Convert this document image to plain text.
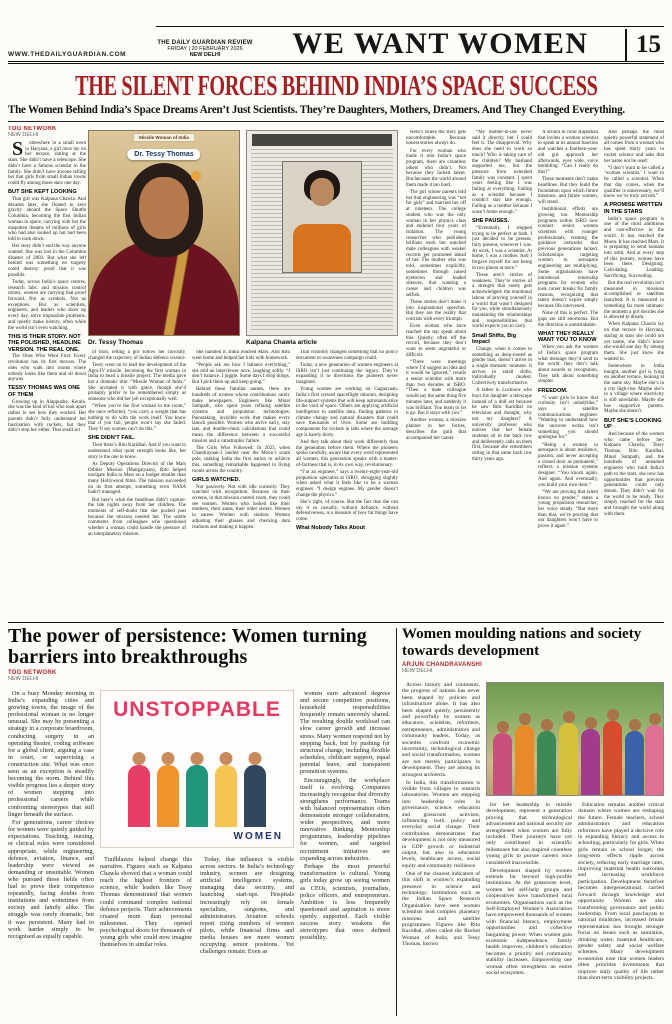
WWW.THEDAILYGUARDIAN.COM
THE DAILY GUARDIAN REVIEW
FRIDAY | 20 FEBRUARY 2026
NEW DELHI	WE WANT WOMEN	15
THE SILENT FORCES BEHIND INDIA’S SPACE SUCCESS
The Women Behind India’s Space Dreams Aren’t Just Scientists. They’re Daughters, Mothers, Dreamers. And They Changed Everything.
TDG NETWORK
NEW DELHI
Somewhere in a small town in Haryana, a girl once lay on her terrace, staring at the stars. She didn’t have a telescope. She didn’t have a famous scientist in the family. She didn’t have anyone telling her that girls from small Indian towns could fly among those stars one day.
BUT SHE KEPT LOOKING
That girl was Kalpana Chawla. And decades later, she floated in zero gravity aboard the Space Shuttle Columbia, becoming the first Indian woman in space, carrying with her the unspoken dreams of millions of girls who had also looked up but had been told to look down.
Her story didn’t end the way anyone wanted. She was lost in the Columbia disaster of 2003. But what she left behind was something no tragedy could destroy: proof that it was possible.
Today, across India’s space centres, research labs, and mission control rooms, women are carrying that proof forward. Not as symbols. Not as exceptions. But as scientists, engineers, and leaders who show up every day, solve impossible problems, and quietly make history, often while the world isn’t even watching.
THIS IS THEIR STORY. NOT THE POLISHED, HEADLINE VERSION. THE REAL ONE.
The Ones Who Went First: Every revolution has its first movers. The ones who walk into rooms where nobody looks like them and sit down anyway.
TESSY THOMAS WAS ONE OF THEM
Growing up in Alappuzha, Kerala, she was the kind of kid who took apart radios to see how they worked. Her parents didn’t fully understand her fascination with rockets, but they didn’t stop her either. That small act
Missile Woman of India
Dr. Tessy Thomas
Dr. Tessy Thomas	Kalpana Chawla article
of trust, letting a girl follow her curiosity, changed the trajectory of Indian defence science.
Tessy went on to lead the development of the Agni-IV missile, becoming the first woman in India to head a missile project. The media gave her a dramatic title: “Missile Woman of India.” She accepted it with grace, though she’d probably prefer to be remembered simply as someone who did her job exceptionally well.
“When you’re the first woman in the room,” she once reflected, “you carry a weight that has nothing to do with the work itself. You know that if you fail, people won’t say she failed. They’ll say women can’t do this.”
SHE DIDN’T FAIL.
Then there’s Ritu Karidhal. And if you want to understand what quiet strength looks like, her story is the one to know.
As Deputy Operations Director of the Mars Orbiter Mission (Mangalyaan), Ritu helped navigate India to Mars on a budget smaller than many Hollywood films. The mission succeeded on its first attempt, something even NASA hadn’t managed.
But here’s what the headlines didn’t capture: the late nights away from her children. The moments of self-doubt that she pushed past because the mission needed her. The subtle comments from colleagues who questioned whether a woman could handle the pressure of an interplanetary mission.
She handled it. India reached Mars. And Ritu went home and helped her kids with homework.
“People ask me how I balance everything,” she told an interviewer once, laughing softly. “I don’t balance. I juggle. Some days I drop things. But I pick them up and keep going.”
Behind these familiar names, there are hundreds of women whose contributions rarely make newspapers. Engineers like Minal Sampath, who spent years refining satellite systems and propulsion technologies. Painstaking, invisible work that makes every launch possible. Women who arrive early, stay late, and double-check calculations that could mean the difference between a successful mission and a catastrophic failure.
The Girls Who Followed: In 2023, when Chandrayaan-3 landed near the Moon’s south pole, making India the first nation to achieve this, something remarkable happened in living rooms across the country.
GIRLS WATCHED.
Not passively. Not with idle curiosity. They watched with recognition. Because on their screens, in that mission control room, they could see women. Women who looked like their mothers, their aunts, their older sisters. Women in sarees. Women with sindoor. Women adjusting their glasses and checking data readouts and making it happen.
That visibility changed something that no policy document or awareness campaign could.
Today, a new generation of women engineers at ISRO isn’t just continuing the legacy. They’re expanding it to directions the pioneers never imagined.
Young women are working on Gaganyaan, India’s first crewed spaceflight mission, designing life-support systems that will keep astronauts alive in the void of space. Others are applying artificial intelligence to satellite data, finding patterns in climate change and natural disasters that could save thousands of lives. Some are building components for rockets in labs where the average age is barely thirty.
And they talk about their work differently than the generation before them. Where the pioneers spoke carefully, aware that every word represented all women, this generation speaks with a matter-of-factness that is, in its own way, revolutionary.
“I’m an engineer,” says a twenty-eight-year-old propulsion specialist at ISRO, shrugging slightly when asked what it feels like to be a woman engineer. “I design engines. My gender doesn’t change the physics.”
She’s right, of course. But the fact that she can say it so casually, without defiance, without defensiveness, is a measure of how far things have come.
What Nobody Talks About
Here’s where the story gets uncomfortable. Because honest stories always do.
For every woman who made it into India’s space program, there are countless others who didn’t. Not because they lacked talent. But because the world around them made it too hard.
The girl whose parents told her that engineering was “not for girls” and married her off at nineteen. The college student who was the only woman in her physics class and endured four years of isolation. The young researcher who published brilliant work but watched male colleagues with weaker records get promoted ahead of her. The mother who was told, sometimes explicitly, sometimes through raised eyebrows and loaded silences, that wanting a career and children was selfish.
These stories don’t make it into inspirational speeches. But they are the reality that coexists with every triumph.
Even women who have reached the top speak about this. Quietly, often off the record, because they don’t want to seem ungrateful or difficult.
“There were meetings where I’d suggest an idea and it would be ignored,” recalls a senior scientist with more than two decades at ISRO. “Then a male colleague would say the same thing five minutes later, and suddenly it was brilliant. You learn to let it go. But it stays with you.”
Another woman, a mission planner in her forties, describes the guilt that accompanied her career.
“My mother-in-law never said it directly, but I could feel it. The disapproval. Why does she need to work so much? Who is taking care of the children? My husband supported me, but the pressure from extended family was constant. I spent years feeling like I was failing at everything. Failing as a scientist because I couldn’t stay late enough. Failing as a mother because I wasn’t home enough.”
SHE PAUSES.
“Eventually, I stopped trying to be perfect at both. I just decided to be present, fully present, wherever I was. At work, I was a scientist. At home, I was a mother. And I forgave myself for not being in two places at once.”
These aren’t stories of weakness. They’re stories of a strength that rarely gets acknowledged: the emotional labour of proving yourself in a world that wasn’t designed for you, while simultaneously maintaining the relationships and responsibilities that world expects you to carry.
Small Shifts, Big Impact
Change, when it comes to something as deep-rooted as gender bias, doesn’t arrive in a single dramatic moment. It arrives in small shifts, individually modest. Collectively transformative.
A father in Lucknow who buys his daughter a telescope instead of a doll set because he saw Ritu Karidhal on television and thought, why not my daughter? A university professor who notices that her female students sit in the back row and deliberately calls on them first, because she remembers sitting in that same back row thirty years ago.
A school in rural Rajasthan that invites a woman scientist to speak at its annual function and watches a fourteen-year-old girl approach her afterwards, eyes wide, voice trembling: “Can I really do this?”
These moments don’t make headlines. But they build the foundation upon which future missions, and future women, will stand.
Institutional efforts are growing too. Mentorship programs within ISRO now connect senior women scientists with younger professionals, creating the guidance networks that previous generations lacked. Scholarships targeting women in aerospace engineering are multiplying. Some organisations have introduced returnship programs for women who took career breaks for family reasons, recognizing that talent doesn’t expire simply because life intervened.
None of this is perfect. The gaps are still enormous. But the direction is unmistakable.
WHAT THEY REALLY WANT YOU TO KNOW
When you ask the women of India’s space program what message they’d send to the world, they don’t talk about awards or recognition. They talk about something simpler.
FREEDOM.
“I want girls to know that curiosity isn’t unladylike,” says a satellite communications engineer. “Wanting to understand how the universe works isn’t something you should apologise for.”
“Being a woman in aerospace is about resilience, passion, and never accepting a closed door as permanent,” reflects a mission systems designer. “You knock again. And again. And eventually, you build your own door.”
“We are proving that talent knows no gender,” states a young propulsion researcher, her voice steady. “But more than that, we’re proving that our daughters won’t have to prove it again.”
And perhaps the most quietly powerful statement of all comes from a woman who has spent thirty years in rocket science and asks that her name not be used:
“I don’t want to be called a ‘woman scientist.’ I want to be called a scientist. When that day comes, when the qualifier is unnecessary, we’ll know we’ve truly arrived.”
A PROMISE WRITTEN IN THE STARS
India’s space program is one of the most ambitious and cost-effective in the world. It has reached the Moon. It has reached Mars. It is preparing to send humans into orbit. And at every step of this journey, women have been there. Designing. Calculating. Leading. Sacrificing. Succeeding.
But the real revolution isn’t measured in missions accomplished or satellites launched. It is measured in something far more intimate: the moment a girl decides she is allowed to dream.
When Kalpana Chawla lay on that terrace in Haryana, staring at stars she could not yet name, she didn’t know she would one day fly among them. She just knew she wanted to.
Somewhere in India tonight, another girl is lying on another terrace, looking at the same sky. Maybe she’s in a city high-rise. Maybe she’s in a village where electricity is still unreliable. Maybe she has supportive parents. Maybe she doesn’t.
BUT SHE’S LOOKING UP
And because of the women who came before her, Kalpana Chawla, Tessy Thomas, Ritu Karidhal, Minal Sampath, and the hundreds of unnamed engineers who built India’s path to the stars, she now has opportunities that previous generations could only dream. They didn’t wait for the world to be ready. They simply reached for the stars and brought the world along with them.
The power of persistence: Women turning barriers into breakthroughs
TDG NETWORK
NEW DELHI
UNSTOPPABLE
WOMEN
On a busy Monday morning in India’s expanding cities and growing towns, the image of the professional woman is no longer unusual. She may be presenting a strategy in a corporate boardroom, conducting surgery in an operating theatre, coding software for a global client, arguing a case in court, or supervising a construction site. What was once seen as an exception is steadily becoming the norm. Behind this visible progress lies a deeper story of women stepping into professional careers while confronting stereotypes that still linger beneath the surface.
For generations, career choices for women were quietly guided by expectations. Teaching, nursing, or clerical roles were considered appropriate, while engineering, defence, aviation, finance, and leadership were viewed as demanding or unsuitable. Women who pursued these fields often had to prove their competence repeatedly, facing doubts from institutions and sometimes from society and family alike. The struggle was rarely dramatic, but it was persistent. Many had to work harder simply to be recognised as equally capable.
Trailblazers helped change this narrative. Figures such as Kalpana Chawla showed that a woman could reach the highest frontiers of science, while leaders like Tessy Thomas demonstrated that women could command complex national defence projects. Their achievements created more than personal milestones. They opened psychological doors for thousands of young girls who could now imagine themselves in similar roles.
Today, that influence is visible across sectors. In India’s technology industry, women are designing artificial intelligence systems, managing data security, and launching start-ups. Hospitals increasingly rely on female specialists, surgeons, and administrators. Aviation schools report rising numbers of women pilots, while financial firms and media houses see more women occupying senior positions. Yet challenges remain. Even as
women earn advanced degrees and secure competitive positions, household responsibilities frequently remain unevenly shared. The resulting double workload can slow career growth and increase stress. Many women respond not by stepping back, but by pushing for structural change, including flexible schedules, childcare support, equal parental leave, and transparent promotion systems.
Encouragingly, the workplace itself is evolving. Companies increasingly recognise that diversity strengthens performance. Teams with balanced representation often demonstrate stronger collaboration, wider perspectives, and more innovative thinking. Mentorship programmes, leadership pipelines for women, and targeted recruitment initiatives are expanding across industries.
Perhaps the most powerful transformation is cultural. Young girls today grow up seeing women as CEOs, scientists, journalists, police officers, and entrepreneurs. Ambition is less frequently questioned and aspiration is more openly supported. Each visible success story weakens the stereotypes that once defined possibility.
Women moulding nations and society towards development
ARJUN CHANDRAVANSHI
NEW DELHI
Across history and continents, the progress of nations has never been shaped by policies and infrastructure alone. It has also been shaped quietly, persistently and powerfully by women as educators, scientists, reformers, entrepreneurs, administrators and community leaders. Today, as societies confront economic uncertainty, technological change and social transformation, women are not merely participants in development. They are among its strongest architects.
In India, this transformation is visible from villages to research laboratories. Women are stepping into leadership roles in governance, science, education and grassroots activism, influencing both policy and everyday social change. Their contribution demonstrates that development is not only measured in GDP growth or industrial output, but also in education levels, healthcare access, social equity and community resilience.
One of the clearest indicators of this shift is women’s expanding presence in science and technology. Institutions such as the Indian Space Research Organisation have seen women scientists lead complex planetary missions and satellite programmes. Figures like Ritu Karidhal, often called the Rocket Woman of India, and Tessy Thomas, known
for her leadership in missile development, represent a generation proving that technological advancement and national security are strengthened when women are fully included. Their journeys have not only contributed to scientific milestones but also inspired countless young girls to pursue careers once considered inaccessible.
Development shaped by women extends far beyond high-profile institutions. At the grassroots level, women led self-help groups and cooperatives have transformed rural economies. Organisations such as the Self-Employed Women’s Association have empowered thousands of women with financial literacy, employment opportunities and collective bargaining power. When women gain economic independence, family health improves, children’s education becomes a priority and community stability increases. Empowering one woman often strengthens an entire social ecosystem.
Education remains another critical domain where women are reshaping the future. Female teachers, school administrators and education reformers have played a decisive role in expanding literacy and access to schooling, particularly for girls. When girls remain in school longer, the long-term effects ripple across society, reducing early marriage rates, improving maternal health outcomes and increasing workforce participation. Development therefore becomes intergenerational, carried forward through knowledge and opportunity. Women are also transforming governance and public leadership. From local panchayats to national ministries, increased female representation has brought stronger focus on issues such as sanitation, drinking water, maternal healthcare, gender safety and social welfare schemes. Many development economists note that women leaders often prioritise investments that improve daily quality of life rather than short-term visibility projects.
